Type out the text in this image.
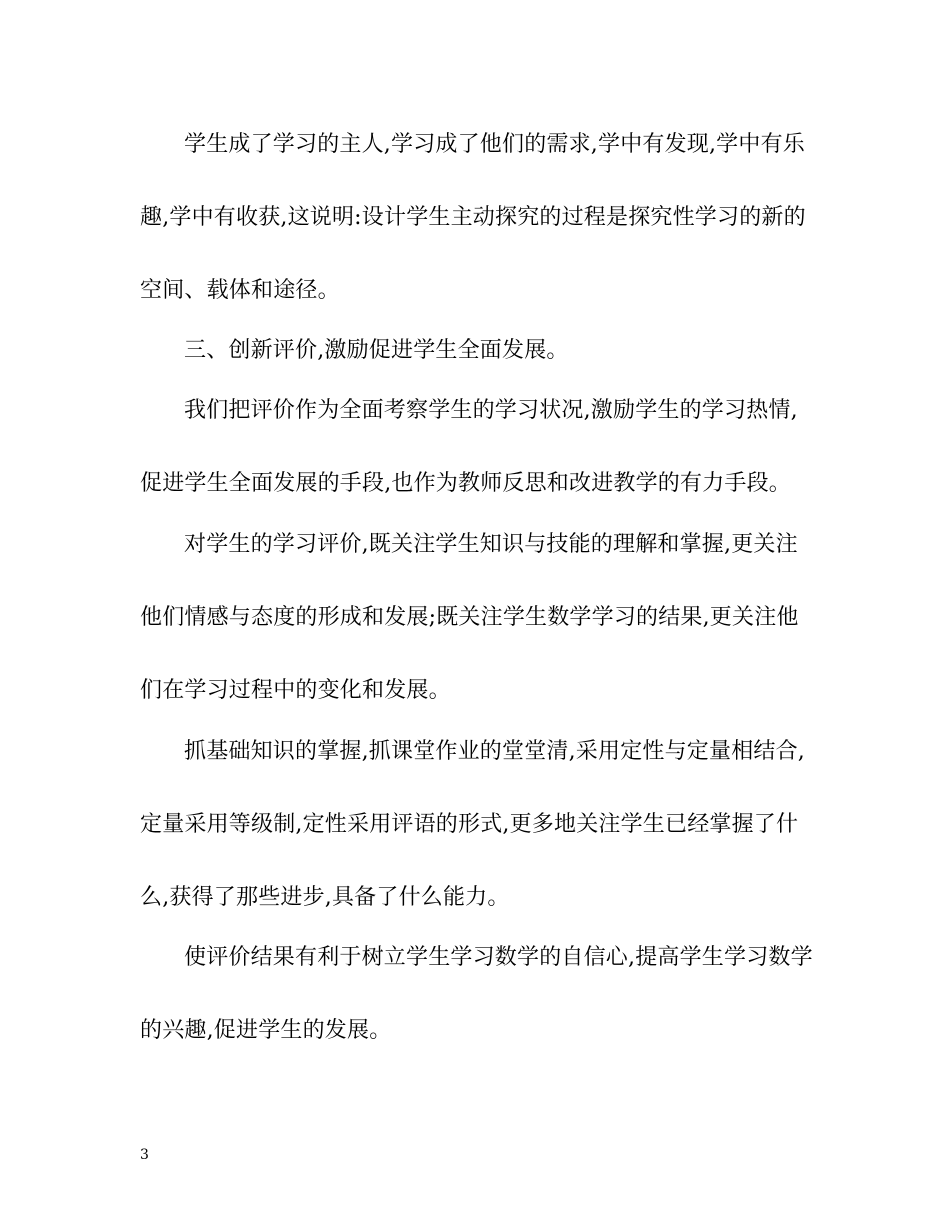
学生成了学习的主人,学习成了他们的需求,学中有发现,学中有乐
趣,学中有收获,这说明:设计学生主动探究的过程是探究性学习的新的
空间、载体和途径。
三、创新评价,激励促进学生全面发展。
我们把评价作为全面考察学生的学习状况,激励学生的学习热情,
促进学生全面发展的手段,也作为教师反思和改进教学的有力手段。
对学生的学习评价,既关注学生知识与技能的理解和掌握,更关注
他们情感与态度的形成和发展;既关注学生数学学习的结果,更关注他
们在学习过程中的变化和发展。
抓基础知识的掌握,抓课堂作业的堂堂清,采用定性与定量相结合,
定量采用等级制,定性采用评语的形式,更多地关注学生已经掌握了什
么,获得了那些进步,具备了什么能力。
使评价结果有利于树立学生学习数学的自信心,提高学生学习数学
的兴趣,促进学生的发展。
3
